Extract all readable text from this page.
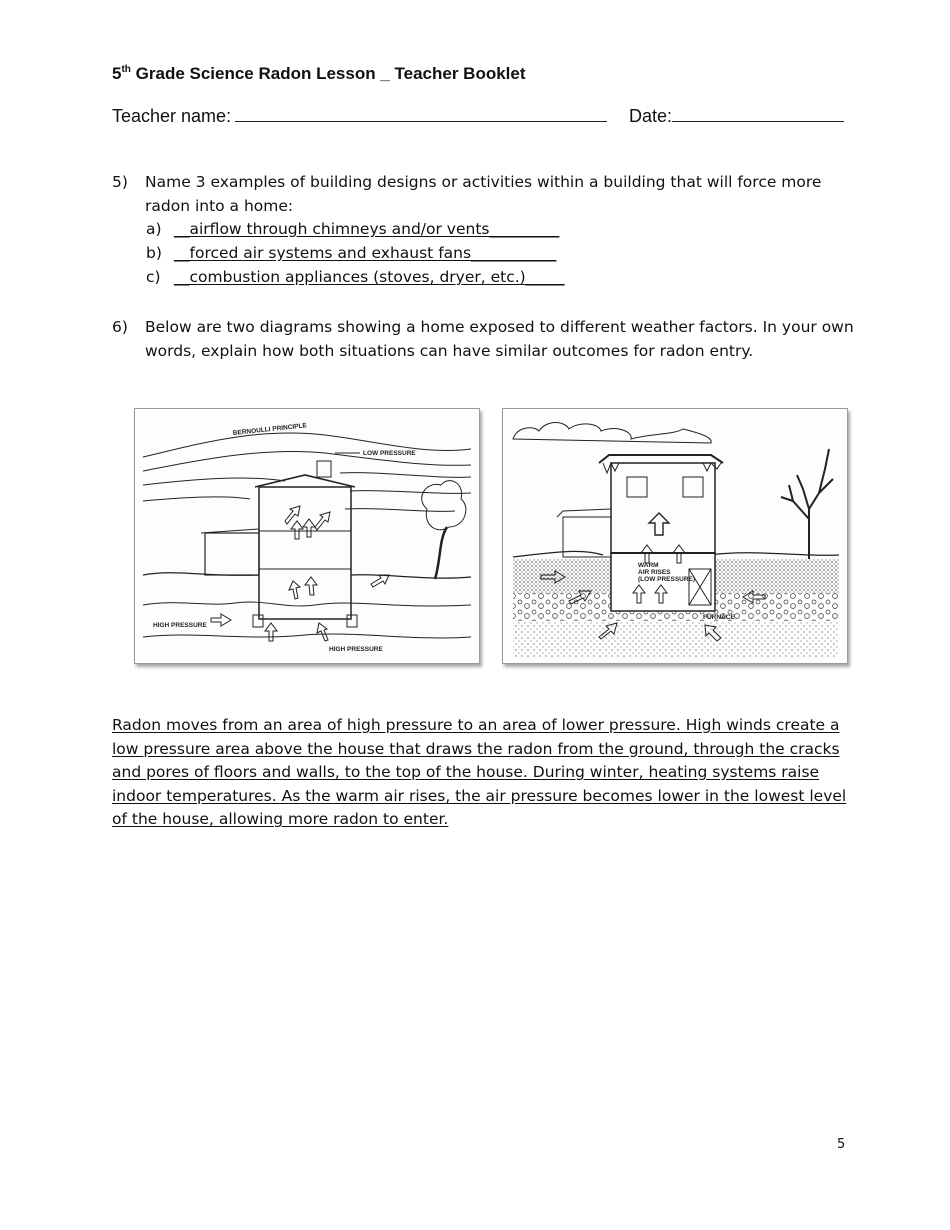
5th Grade Science Radon Lesson _ Teacher Booklet
Teacher name:	Date:
5) Name 3 examples of building designs or activities within a building that will force more
radon into a home:
a) __airflow through chimneys and/or vents_________
b) __forced air systems and exhaust fans___________
c) __combustion appliances (stoves, dryer, etc.)_____
6) Below are two diagrams showing a home exposed to different weather factors. In your own
words, explain how both situations can have similar outcomes for radon entry.
BERNOULLI PRINCIPLE
LOW PRESSURE
HIGH PRESSURE
HIGH PRESSURE
WARM
AIR RISES
(LOW PRESSURE)
FURNACE
Radon moves from an area of high pressure to an area of lower pressure. High winds create a
low pressure area above the house that draws the radon from the ground, through the cracks
and pores of floors and walls, to the top of the house. During winter, heating systems raise
indoor temperatures. As the warm air rises, the air pressure becomes lower in the lowest level
of the house, allowing more radon to enter.
5
